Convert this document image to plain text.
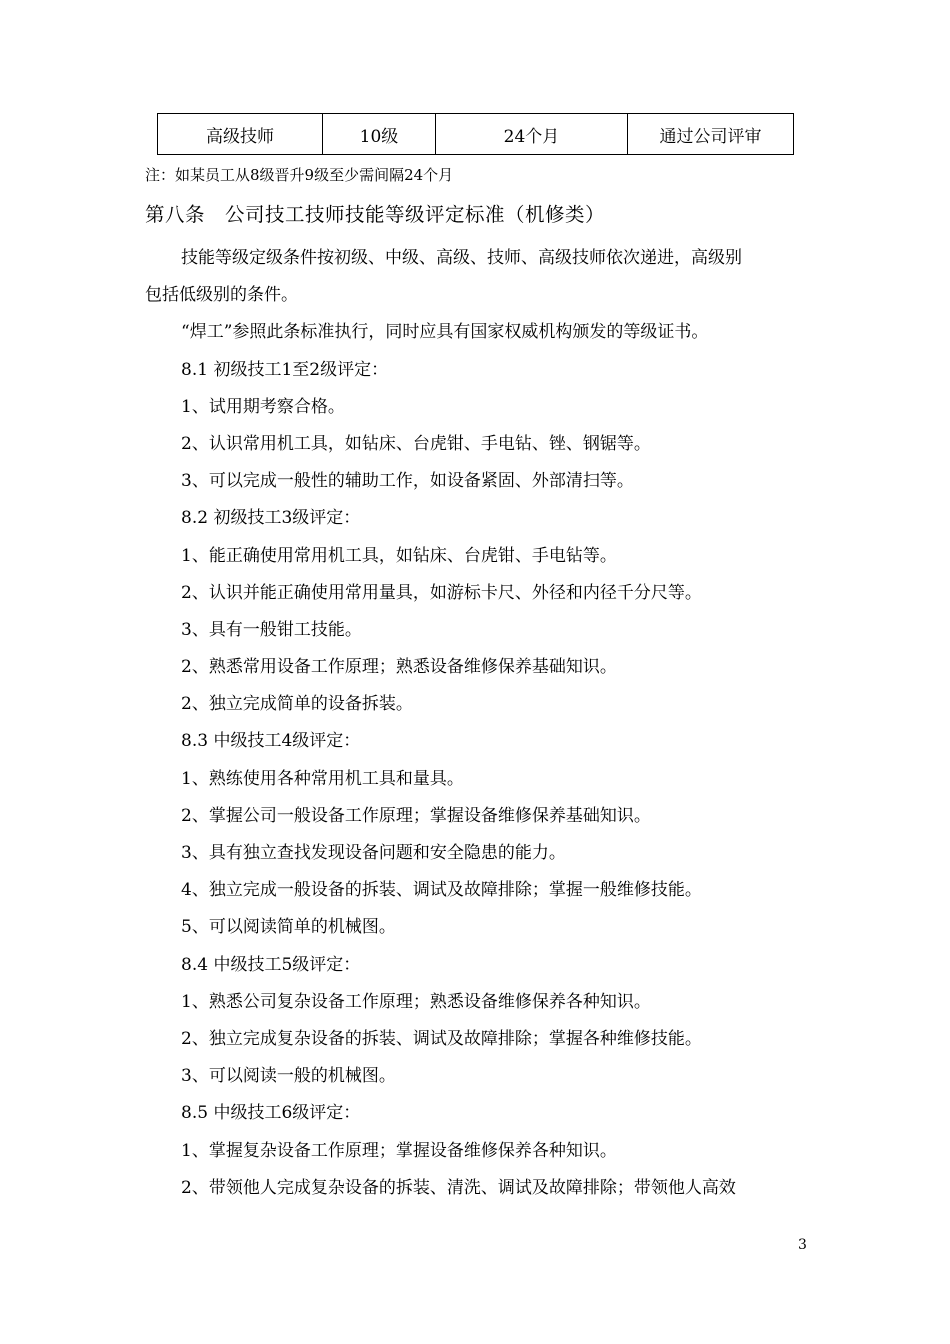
高级技师	10级	24个月	通过公司评审
注：如某员工从8级晋升9级至少需间隔24个月
第八条 公司技工技师技能等级评定标准（机修类）
技能等级定级条件按初级、中级、高级、技师、高级技师依次递进，高级别
包括低级别的条件。
“焊工”参照此条标准执行，同时应具有国家权威机构颁发的等级证书。
8.1 初级技工1至2级评定：
1、试用期考察合格。
2、认识常用机工具，如钻床、台虎钳、手电钻、锉、钢锯等。
3、可以完成一般性的辅助工作，如设备紧固、外部清扫等。
8.2 初级技工3级评定：
1、能正确使用常用机工具，如钻床、台虎钳、手电钻等。
2、认识并能正确使用常用量具，如游标卡尺、外径和内径千分尺等。
3、具有一般钳工技能。
2、熟悉常用设备工作原理；熟悉设备维修保养基础知识。
2、独立完成简单的设备拆装。
8.3 中级技工4级评定：
1、熟练使用各种常用机工具和量具。
2、掌握公司一般设备工作原理；掌握设备维修保养基础知识。
3、具有独立查找发现设备问题和安全隐患的能力。
4、独立完成一般设备的拆装、调试及故障排除；掌握一般维修技能。
5、可以阅读简单的机械图。
8.4 中级技工5级评定：
1、熟悉公司复杂设备工作原理；熟悉设备维修保养各种知识。
2、独立完成复杂设备的拆装、调试及故障排除；掌握各种维修技能。
3、可以阅读一般的机械图。
8.5 中级技工6级评定：
1、掌握复杂设备工作原理；掌握设备维修保养各种知识。
2、带领他人完成复杂设备的拆装、清洗、调试及故障排除；带领他人高效
3
